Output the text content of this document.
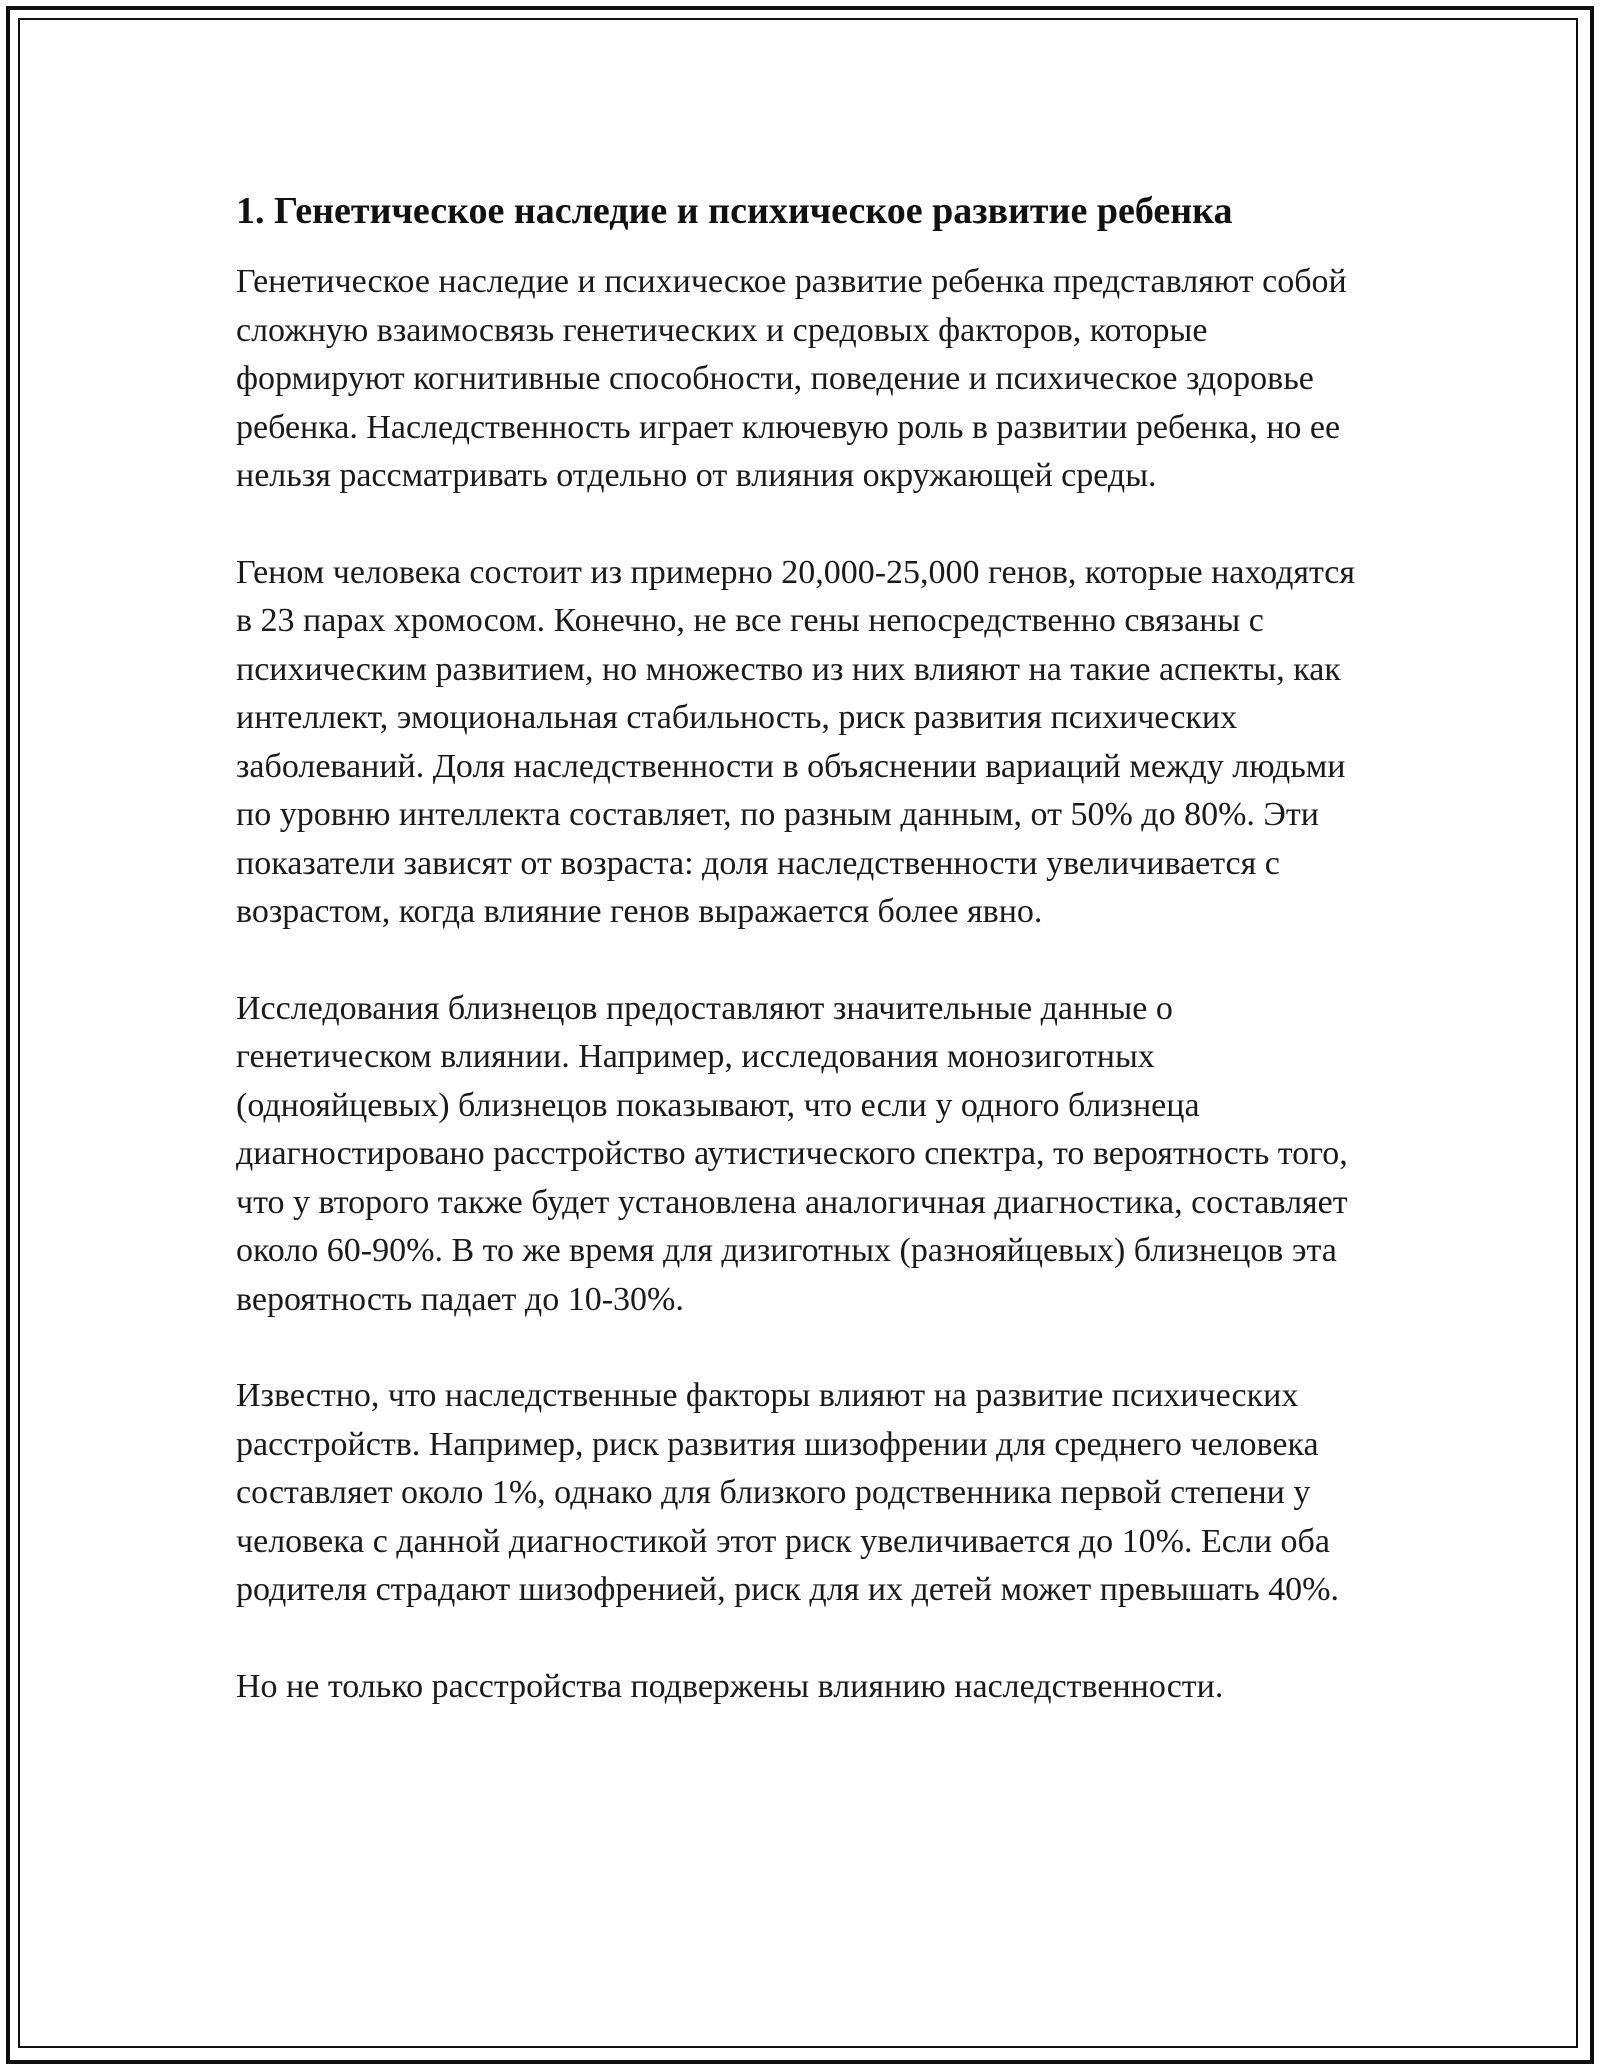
1. Генетическое наследие и психическое развитие ребенка

Генетическое наследие и психическое развитие ребенка представляют собой сложную взаимосвязь генетических и средовых факторов, которые формируют когнитивные способности, поведение и психическое здоровье ребенка. Наследственность играет ключевую роль в развитии ребенка, но ее нельзя рассматривать отдельно от влияния окружающей среды.

Геном человека состоит из примерно 20,000-25,000 генов, которые находятся в 23 парах хромосом. Конечно, не все гены непосредственно связаны с психическим развитием, но множество из них влияют на такие аспекты, как интеллект, эмоциональная стабильность, риск развития психических заболеваний. Доля наследственности в объяснении вариаций между людьми по уровню интеллекта составляет, по разным данным, от 50% до 80%. Эти показатели зависят от возраста: доля наследственности увеличивается с возрастом, когда влияние генов выражается более явно.

Исследования близнецов предоставляют значительные данные о генетическом влиянии. Например, исследования монозиготных (однояйцевых) близнецов показывают, что если у одного близнеца диагностировано расстройство аутистического спектра, то вероятность того, что у второго также будет установлена аналогичная диагностика, составляет около 60-90%. В то же время для дизиготных (разнояйцевых) близнецов эта вероятность падает до 10-30%.

Известно, что наследственные факторы влияют на развитие психических расстройств. Например, риск развития шизофрении для среднего человека составляет около 1%, однако для близкого родственника первой степени у человека с данной диагностикой этот риск увеличивается до 10%. Если оба родителя страдают шизофренией, риск для их детей может превышать 40%.

Но не только расстройства подвержены влиянию наследственности.
